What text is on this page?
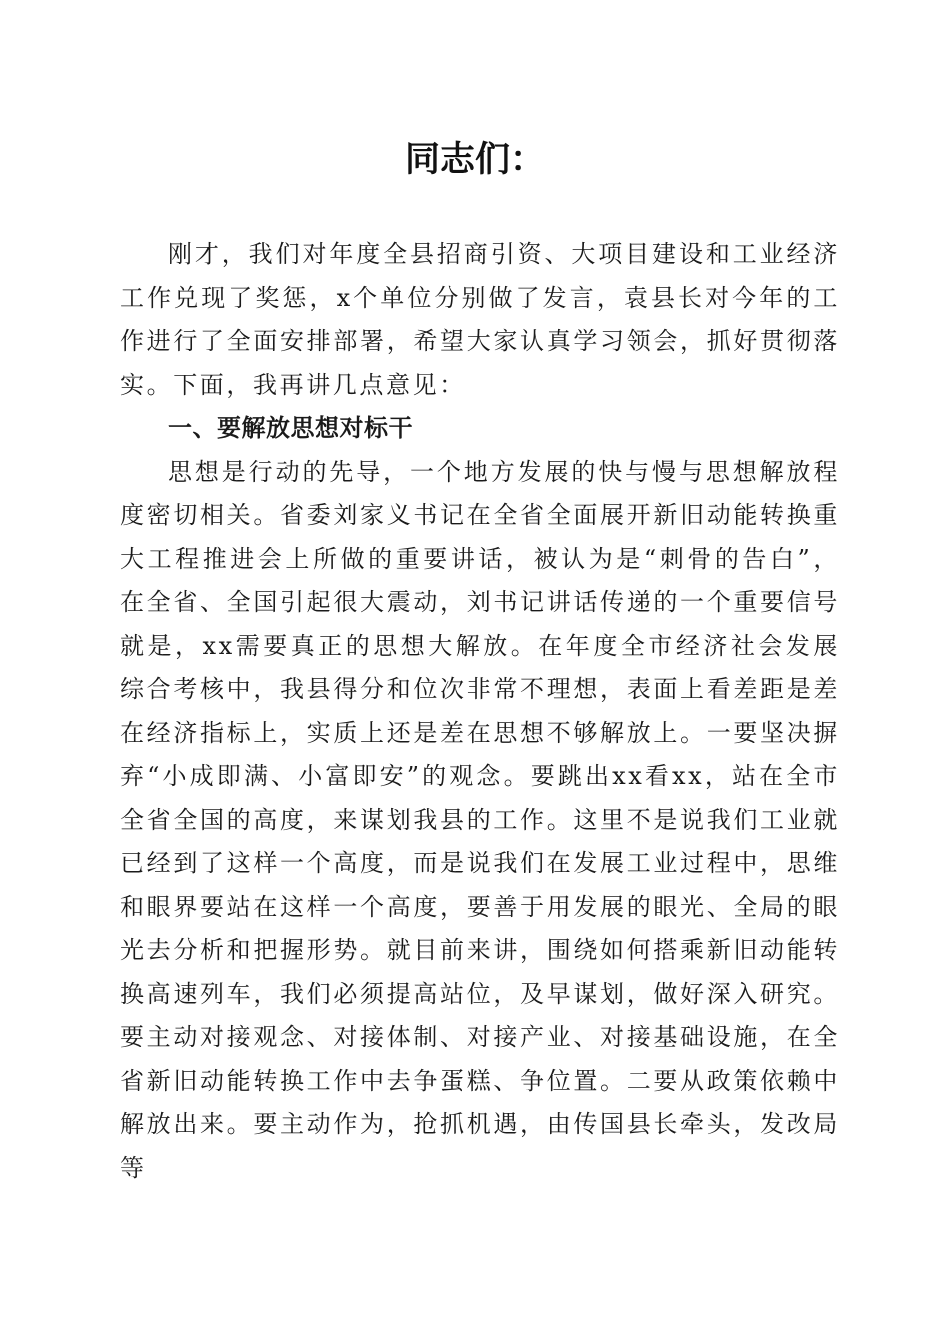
同志们：

刚才，我们对年度全县招商引资、大项目建设和工业经济工作兑现了奖惩，x个单位分别做了发言，袁县长对今年的工作进行了全面安排部署，希望大家认真学习领会，抓好贯彻落实。下面，我再讲几点意见：

一、要解放思想对标干

思想是行动的先导，一个地方发展的快与慢与思想解放程度密切相关。省委刘家义书记在全省全面展开新旧动能转换重大工程推进会上所做的重要讲话，被认为是“刺骨的告白”，在全省、全国引起很大震动，刘书记讲话传递的一个重要信号就是，xx需要真正的思想大解放。在年度全市经济社会发展综合考核中，我县得分和位次非常不理想，表面上看差距是差在经济指标上，实质上还是差在思想不够解放上。一要坚决摒弃“小成即满、小富即安”的观念。要跳出xx看xx，站在全市全省全国的高度，来谋划我县的工作。这里不是说我们工业就已经到了这样一个高度，而是说我们在发展工业过程中，思维和眼界要站在这样一个高度，要善于用发展的眼光、全局的眼光去分析和把握形势。就目前来讲，围绕如何搭乘新旧动能转换高速列车，我们必须提高站位，及早谋划，做好深入研究。要主动对接观念、对接体制、对接产业、对接基础设施，在全省新旧动能转换工作中去争蛋糕、争位置。二要从政策依赖中解放出来。要主动作为，抢抓机遇，由传国县长牵头，发改局等
